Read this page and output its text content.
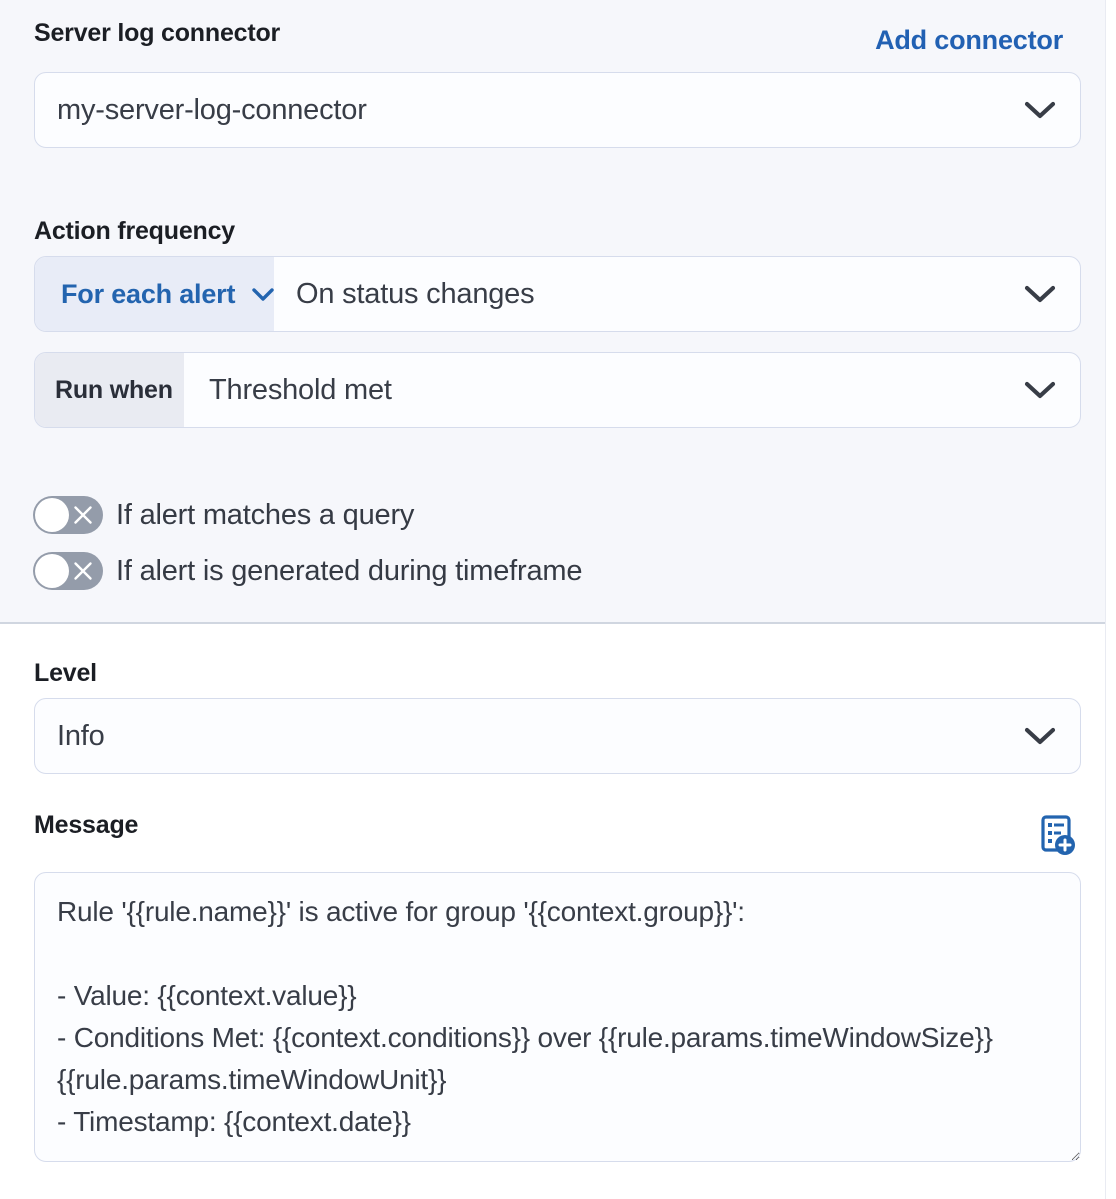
Server log connector	Add connector
my-server-log-connector
Action frequency
For each alert	On status changes
Run when	Threshold met
If alert matches a query
If alert is generated during timeframe
Level
Info
Message
Rule '{{rule.name}}' is active for group '{{context.group}}': - Value: {{context.value}} - Conditions Met: {{context.conditions}} over {{rule.params.timeWindowSize}} {{rule.params.timeWindowUnit}} - Timestamp: {{context.date}}
